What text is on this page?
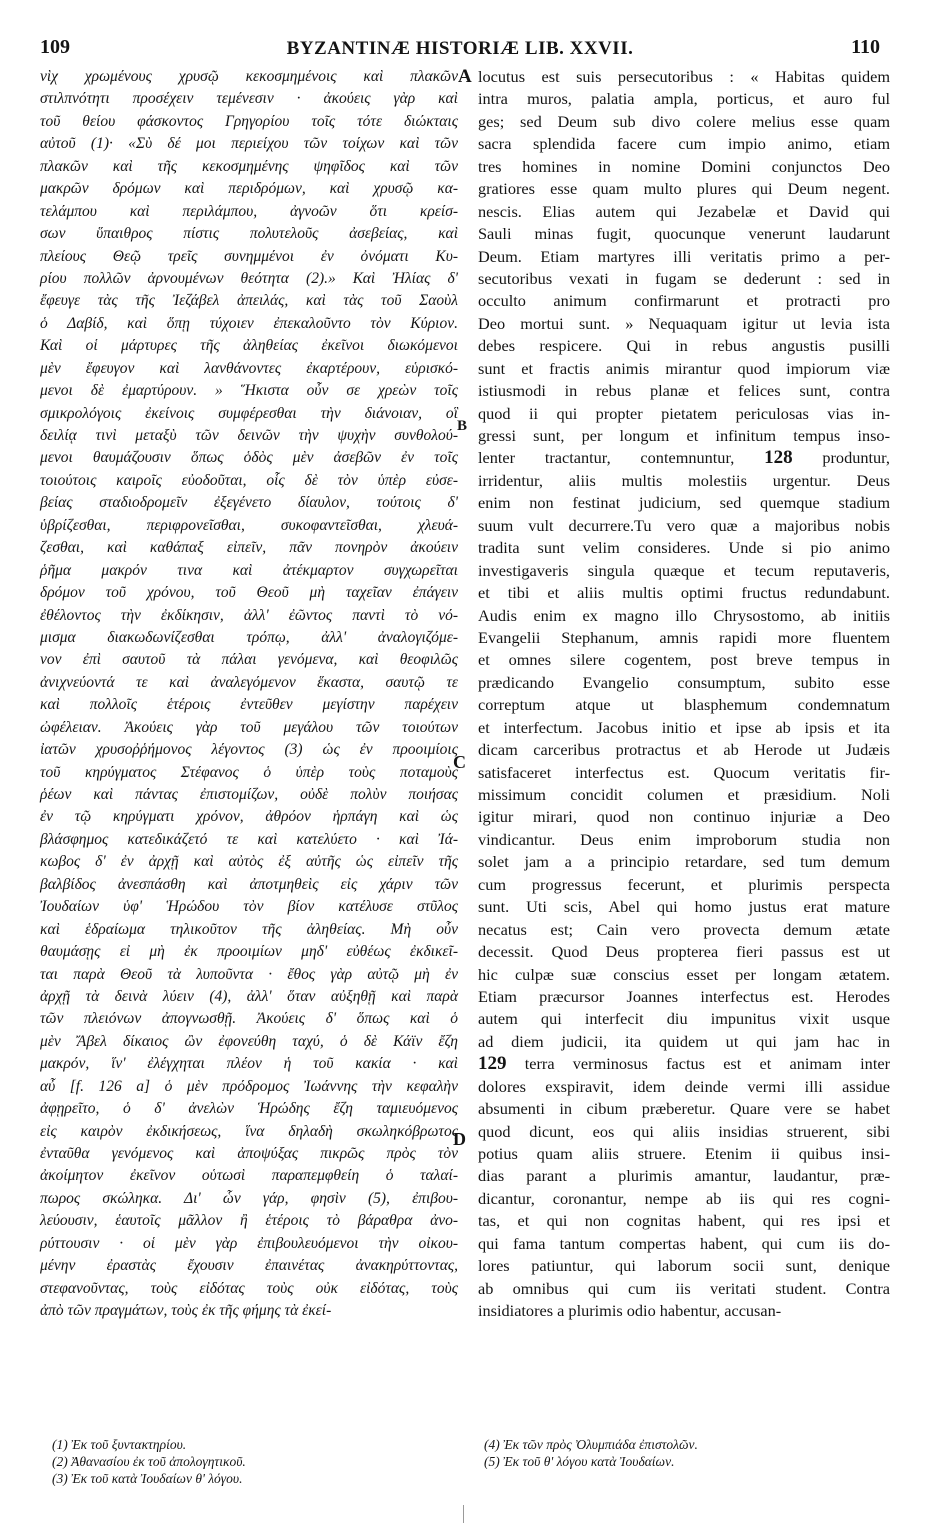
109	BYZANTINÆ HISTORIÆ LIB. XXVII.	110
νὶχ χρωμένους χρυσῷ κεκοσμημένοις καὶ πλακῶν
στιλπνότητι προσέχειν τεμένεσιν · ἀκούεις γὰρ καὶ
τοῦ θείου φάσκοντος Γρηγορίου τοῖς τότε διώκταις
αὐτοῦ (1)· «Σὺ δέ μοι περιείχου τῶν τοίχων καὶ τῶν
πλακῶν καὶ τῆς κεκοσμημένης ψηφῖδος καὶ τῶν
μακρῶν δρόμων καὶ περιδρόμων, καὶ χρυσῷ κα-
τελάμπου καὶ περιλάμπου, ἀγνοῶν ὅτι κρείσ-
σων ὕπαιθρος πίστις πολυτελοῦς ἀσεβείας, καὶ
πλείους Θεῷ τρεῖς συνημμένοι ἐν ὀνόματι Κυ-
ρίου πολλῶν ἀρνουμένων θεότητα (2).» Καὶ Ἠλίας δ'
ἔφευγε τὰς τῆς Ἰεζάβελ ἀπειλάς, καὶ τὰς τοῦ Σαοὺλ
ὁ Δαβίδ, καὶ ὅπῃ τύχοιεν ἐπεκαλοῦντο τὸν Κύριον.
Καὶ οἱ μάρτυρες τῆς ἀληθείας ἐκεῖνοι διωκόμενοι
μὲν ἔφευγον καὶ λανθάνοντες ἐκαρτέρουν, εὑρισκό-
μενοι δὲ ἐμαρτύρουν. » Ἥκιστα οὖν σε χρεὼν τοῖς
σμικρολόγοις ἐκείνοις συμφέρεσθαι τὴν διάνοιαν, οἳ
δειλίᾳ τινὶ μεταξὺ τῶν δεινῶν τὴν ψυχὴν συνθολού-
μενοι θαυμάζουσιν ὅπως ὁδὸς μὲν ἀσεβῶν ἐν τοῖς
τοιούτοις καιροῖς εὐοδοῦται, οἷς δὲ τὸν ὑπὲρ εὐσε-
βείας σταδιοδρομεῖν ἐξεγένετο δίαυλον, τούτοις δ'
ὑβρίζεσθαι, περιφρονεῖσθαι, συκοφαντεῖσθαι, χλευά-
ζεσθαι, καὶ καθάπαξ εἰπεῖν, πᾶν πονηρὸν ἀκούειν
ῥῆμα μακρόν τινα καὶ ἀτέκμαρτον συγχωρεῖται
δρόμον τοῦ χρόνου, τοῦ Θεοῦ μὴ ταχεῖαν ἐπάγειν
ἐθέλοντος τὴν ἐκδίκησιν, ἀλλ' ἐῶντος παντὶ τὸ νό-
μισμα διακωδωνίζεσθαι τρόπῳ, ἀλλ' ἀναλογιζόμε-
νον ἐπὶ σαυτοῦ τὰ πάλαι γενόμενα, καὶ θεοφιλῶς
ἀνιχνεύοντά τε καὶ ἀναλεγόμενον ἕκαστα, σαυτῷ τε
καὶ πολλοῖς ἑτέροις ἐντεῦθεν μεγίστην παρέχειν
ὠφέλειαν. Ἀκούεις γὰρ τοῦ μεγάλου τῶν τοιούτων
ἰατῶν χρυσοῤῥήμονος λέγοντος (3) ὡς ἐν προοιμίοις
τοῦ κηρύγματος Στέφανος ὁ ὑπὲρ τοὺς ποταμοὺς
ῥέων καὶ πάντας ἐπιστομίζων, οὐδὲ πολὺν ποιήσας
ἐν τῷ κηρύγματι χρόνον, ἀθρόον ἡρπάγη καὶ ὡς
βλάσφημος κατεδικάζετό τε καὶ κατελύετο · καὶ Ἰά-
κωβος δ' ἐν ἀρχῇ καὶ αὐτὸς ἐξ αὐτῆς ὡς εἰπεῖν τῆς
βαλβίδος ἀνεσπάσθη καὶ ἀποτμηθεὶς εἰς χάριν τῶν
Ἰουδαίων ὑφ' Ἡρώδου τὸν βίον κατέλυσε στῦλος
καὶ ἑδραίωμα τηλικοῦτον τῆς ἀληθείας. Μὴ οὖν
θαυμάσῃς εἰ μὴ ἐκ προοιμίων μηδ' εὐθέως ἐκδικεῖ-
ται παρὰ Θεοῦ τὰ λυποῦντα · ἔθος γὰρ αὐτῷ μὴ ἐν
ἀρχῇ τὰ δεινὰ λύειν (4), ἀλλ' ὅταν αὐξηθῇ καὶ παρὰ
τῶν πλειόνων ἀπογνωσθῇ. Ἀκούεις δ' ὅπως καὶ ὁ
μὲν Ἄβελ δίκαιος ὢν ἐφονεύθη ταχύ, ὁ δὲ Κάϊν ἔζη
μακρόν, ἵν' ἐλέγχηται πλέον ἡ τοῦ κακία · καὶ
αὖ [f. 126 a] ὁ μὲν πρόδρομος Ἰωάννης τὴν κεφαλὴν
ἀφῃρεῖτο, ὁ δ' ἀνελὼν Ἡρώδης ἔζη ταμιευόμενος
εἰς καιρὸν ἐκδικήσεως, ἵνα δηλαδὴ σκωληκόβρωτος
ἐνταῦθα γενόμενος καὶ ἀποψύξας πικρῶς πρὸς τὸν
ἀκοίμητον ἐκεῖνον οὑτωσὶ παραπεμφθείη ὁ ταλαί-
πωρος σκώληκα. Δι' ὧν γάρ, φησὶν (5), ἐπιβου-
λεύουσιν, ἑαυτοῖς μᾶλλον ἢ ἑτέροις τὸ βάραθρα ἀνο-
ρύττουσιν · οἱ μὲν γὰρ ἐπιβουλευόμενοι τὴν οἰκου-
μένην ἐραστὰς ἔχουσιν ἐπαινέτας ἀνακηρύττοντας,
στεφανοῦντας, τοὺς εἰδότας τοὺς οὐκ εἰδότας, τοὺς
ἀπὸ τῶν πραγμάτων, τοὺς ἐκ τῆς φήμης τὰ ἐκεί-
locutus est suis persecutoribus : « Habitas quidem
intra muros, palatia ampla, porticus, et auro ful
ges; sed Deum sub divo colere melius esse quam
sacra splendida facere cum impio animo, etiam
tres homines in nomine Domini conjunctos Deo
gratiores esse quam multo plures qui Deum negent.
nescis. Elias autem qui Jezabelæ et David qui
Sauli minas fugit, quocunque venerunt laudarunt
Deum. Etiam martyres illi veritatis primo a per-
secutoribus vexati in fugam se dederunt : sed in
occulto animum confirmarunt et protracti pro
Deo mortui sunt. » Nequaquam igitur ut levia ista
debes respicere. Qui in rebus angustis pusilli
sunt et fractis animis mirantur quod impiorum viæ
istiusmodi in rebus planæ et felices sunt, contra
quod ii qui propter pietatem periculosas vias in-
gressi sunt, per longum et infinitum tempus inso-
lenter tractantur, contemnuntur, 128 produntur,
irridentur, aliis multis molestiis urgentur. Deus
enim non festinat judicium, sed quemque stadium
suum vult decurrere.Tu vero quæ a majoribus nobis
tradita sunt velim consideres. Unde si pio animo
investigaveris singula quæque et tecum reputaveris,
et tibi et aliis multis optimi fructus redundabunt.
Audis enim ex magno illo Chrysostomo, ab initiis
Evangelii Stephanum, amnis rapidi more fluentem
et omnes silere cogentem, post breve tempus in
prædicando Evangelio consumptum, subito esse
correptum atque ut blasphemum condemnatum
et interfectum. Jacobus initio et ipse ab ipsis et ita
dicam carceribus protractus et ab Herode ut Judæis
satisfaceret interfectus est. Quocum veritatis fir-
missimum concidit columen et præsidium. Noli
igitur mirari, quod non continuo injuriæ a Deo
vindicantur. Deus enim improborum studia non
solet jam a a principio retardare, sed tum demum
cum progressus fecerunt, et plurimis perspecta
sunt. Uti scis, Abel qui homo justus erat mature
necatus est; Cain vero provecta demum ætate
decessit. Quod Deus propterea fieri passus est ut
hic culpæ suæ conscius esset per longam ætatem.
Etiam præcursor Joannes interfectus est. Herodes
autem qui interfecit diu impunitus vixit usque
ad diem judicii, ita quidem ut qui jam hac in
129 terra verminosus factus est et animam inter
dolores exspiravit, idem deinde vermi illi assidue
absumenti in cibum præberetur. Quare vere se habet
quod dicunt, eos qui aliis insidias struerent, sibi
potius quam aliis struere. Etenim ii quibus insi-
dias parant a plurimis amantur, laudantur, præ-
dicantur, coronantur, nempe ab iis qui res cogni-
tas, et qui non cognitas habent, qui res ipsi et
qui fama tantum compertas habent, qui cum iis do-
lores patiuntur, qui laborum socii sunt, denique
ab omnibus qui cum iis veritati student. Contra
insidiatores a plurimis odio habentur, accusan-
A
B
C
D
(1) Ἐκ τοῦ ξυντακτηρίου.
(2) Ἀθανασίου ἐκ τοῦ ἀπολογητικοῦ.
(3) Ἐκ τοῦ κατὰ Ἰουδαίων θ' λόγου.
(4) Ἐκ τῶν πρὸς Ὀλυμπιάδα ἐπιστολῶν.
(5) Ἐκ τοῦ θ' λόγου κατὰ Ἰουδαίων.
